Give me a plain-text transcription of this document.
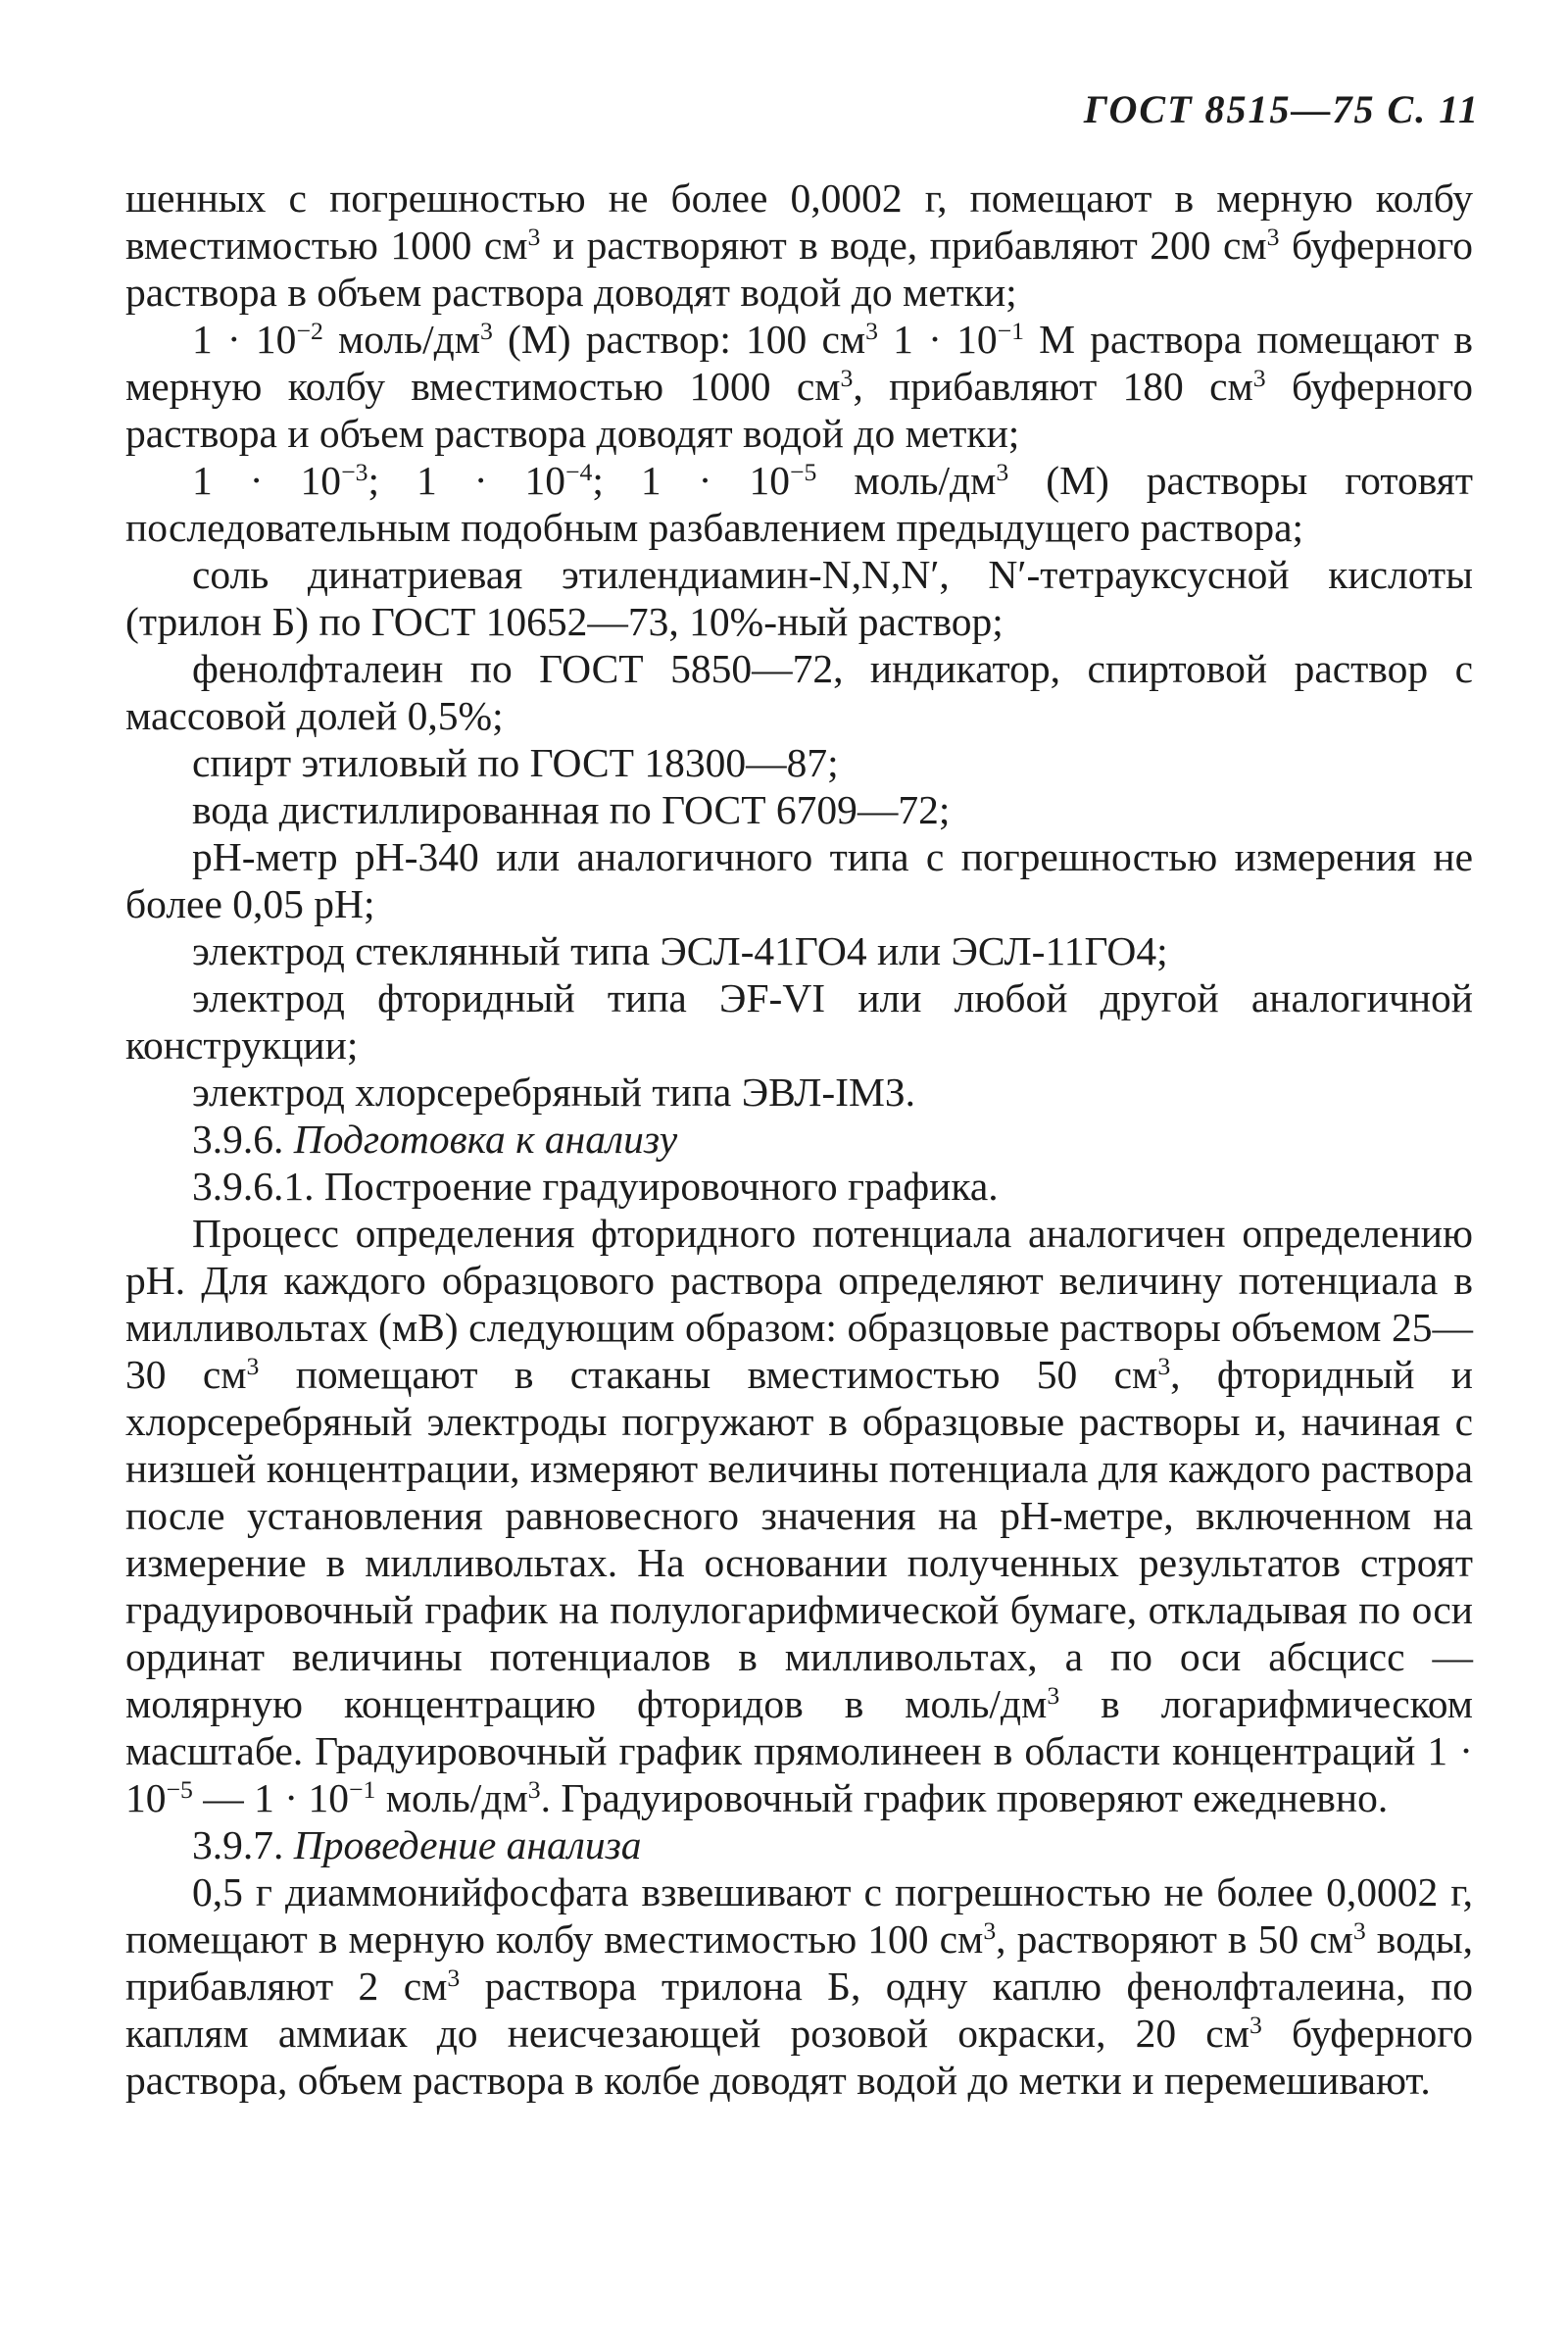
ГОСТ 8515—75 С. 11

шенных с погрешностью не более 0,0002 г, помещают в мерную колбу вместимостью 1000 $см^3$ и растворяют в воде, прибавляют 200 $см^3$ буферного раствора в объем раствора доводят водой до метки;

$1 \cdot 10^{-2}$ моль/$дм^3$ (М) раствор: 100 $см^3$ $1 \cdot 10^{-1}$ М раствора помещают в мерную колбу вместимостью 1000 $см^3$, прибавляют 180 $см^3$ буферного раствора и объем раствора доводят водой до метки;

$1 \cdot 10^{-3}$; $1 \cdot 10^{-4}$; $1 \cdot 10^{-5}$ моль/$дм^3$ (М) растворы готовят последовательным подобным разбавлением предыдущего раствора;

соль динатриевая этилендиамин-N,N,N′, N′-тетрауксусной кислоты (трилон Б) по ГОСТ 10652—73, 10%-ный раствор;

фенолфталеин по ГОСТ 5850—72, индикатор, спиртовой раствор с массовой долей 0,5%;

спирт этиловый по ГОСТ 18300—87;

вода дистиллированная по ГОСТ 6709—72;

pH-метр pH-340 или аналогичного типа с погрешностью измерения не более 0,05 pH;

электрод стеклянный типа ЭСЛ-41ГО4 или ЭСЛ-11ГО4;

электрод фторидный типа ЭF-VI или любой другой аналогичной конструкции;

электрод хлорсеребряный типа ЭВЛ-IМЗ.

3.9.6. Подготовка к анализу

3.9.6.1. Построение градуировочного графика.

Процесс определения фторидного потенциала аналогичен определению pH. Для каждого образцового раствора определяют величину потенциала в милливольтах (мВ) следующим образом: образцовые растворы объемом 25—30 $см^3$ помещают в стаканы вместимостью 50 $см^3$, фторидный и хлорсеребряный электроды погружают в образцовые растворы и, начиная с низшей концентрации, измеряют величины потенциала для каждого раствора после установления равновесного значения на pH-метре, включенном на измерение в милливольтах. На основании полученных результатов строят градуировочный график на полулогарифмической бумаге, откладывая по оси ординат величины потенциалов в милливольтах, а по оси абсцисс — молярную концентрацию фторидов в моль/$дм^3$ в логарифмическом масштабе. Градуировочный график прямолинеен в области концентраций $1 \cdot 10^{-5}$ — $1 \cdot 10^{-1}$ моль/$дм^3$. Градуировочный график проверяют ежедневно.

3.9.7. Проведение анализа

0,5 г диаммонийфосфата взвешивают с погрешностью не более 0,0002 г, помещают в мерную колбу вместимостью 100 $см^3$, растворяют в 50 $см^3$ воды, прибавляют 2 $см^3$ раствора трилона Б, одну каплю фенолфталеина, по каплям аммиак до неисчезающей розовой окраски, 20 $см^3$ буферного раствора, объем раствора в колбе доводят водой до метки и перемешивают.
